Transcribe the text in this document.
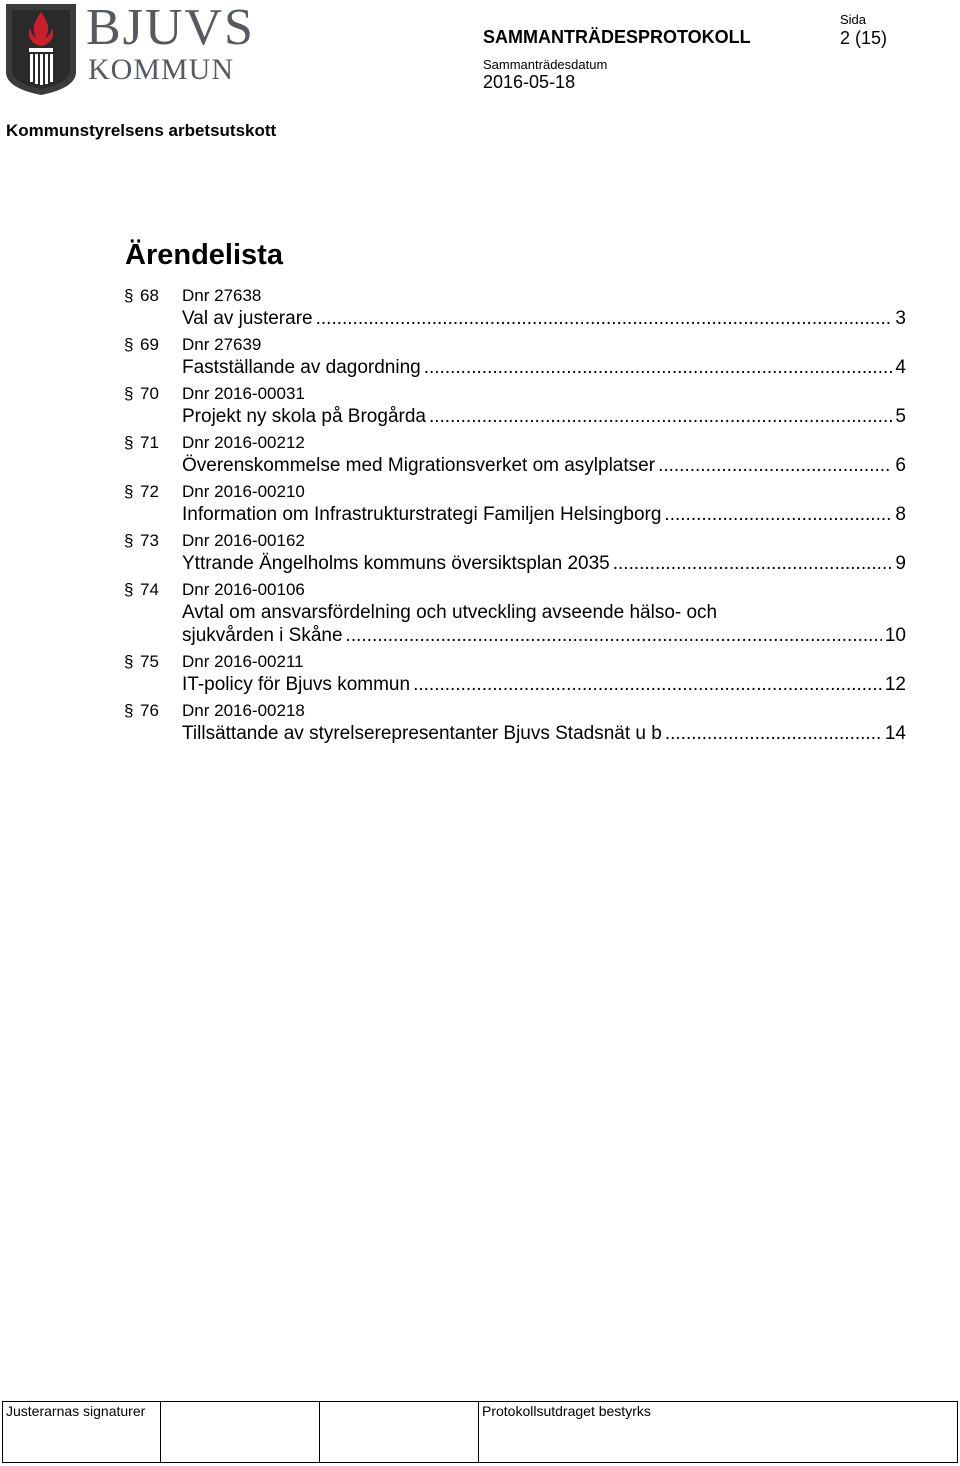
BJUVS
KOMMUN
SAMMANTRÄDESPROTOKOLL
Sida
2 (15)
Sammanträdesdatum
2016-05-18
Kommunstyrelsens arbetsutskott
Ärendelista
§ 68 Dnr 27638
Val av justerare .....	3
§ 69 Dnr 27639
Fastställande av dagordning .....	4
§ 70 Dnr 2016-00031
Projekt ny skola på Brogårda .....	5
§ 71 Dnr 2016-00212
Överenskommelse med Migrationsverket om asylplatser .....	6
§ 72 Dnr 2016-00210
Information om Infrastrukturstrategi Familjen Helsingborg .....	8
§ 73 Dnr 2016-00162
Yttrande Ängelholms kommuns översiktsplan 2035 .....	9
§ 74 Dnr 2016-00106
Avtal om ansvarsfördelning och utveckling avseende hälso- och
sjukvården i Skåne .....	10
§ 75 Dnr 2016-00211
IT-policy för Bjuvs kommun .....	12
§ 76 Dnr 2016-00218
Tillsättande av styrelserepresentanter Bjuvs Stadsnät u b .....	14
Justerarnas signaturer			Protokollsutdraget bestyrks
